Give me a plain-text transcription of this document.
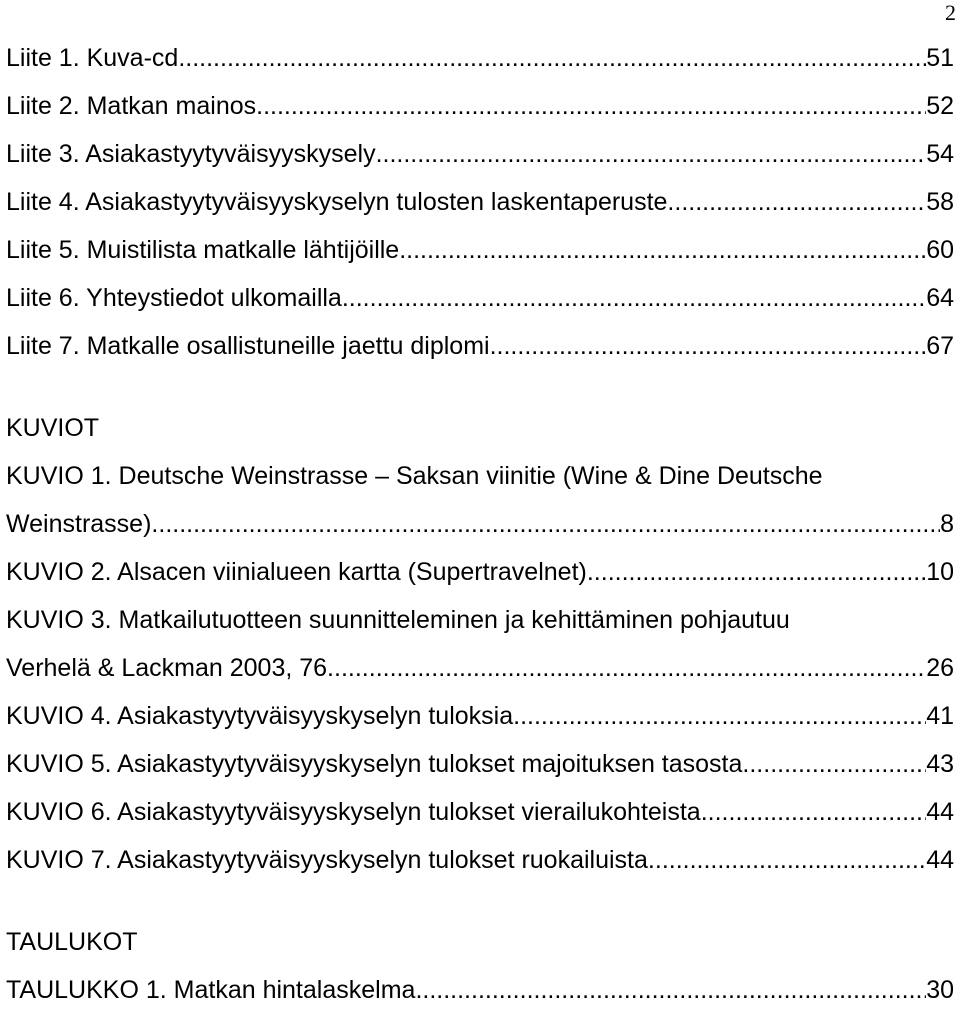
2
Liite 1. Kuva-cd .....	51
Liite 2. Matkan mainos. .....	52
Liite 3. Asiakastyytyväisyyskysely .....	54
Liite 4. Asiakastyytyväisyyskyselyn tulosten laskentaperuste. .....	58
Liite 5. Muistilista matkalle lähtijöille .....	60
Liite 6. Yhteystiedot ulkomailla .....	64
Liite 7. Matkalle osallistuneille jaettu diplomi .....	67
KUVIOT
KUVIO 1. Deutsche Weinstrasse – Saksan viinitie (Wine & Dine Deutsche
Weinstrasse) .....	8
KUVIO 2. Alsacen viinialueen kartta (Supertravelnet) .....	10
KUVIO 3. Matkailutuotteen suunnitteleminen ja kehittäminen pohjautuu
Verhelä & Lackman 2003, 76. .....	26
KUVIO 4. Asiakastyytyväisyyskyselyn tuloksia .....	41
KUVIO 5. Asiakastyytyväisyyskyselyn tulokset majoituksen tasosta .....	43
KUVIO 6. Asiakastyytyväisyyskyselyn tulokset vierailukohteista .....	44
KUVIO 7. Asiakastyytyväisyyskyselyn tulokset ruokailuista .....	44
TAULUKOT
TAULUKKO 1. Matkan hintalaskelma .....	30
